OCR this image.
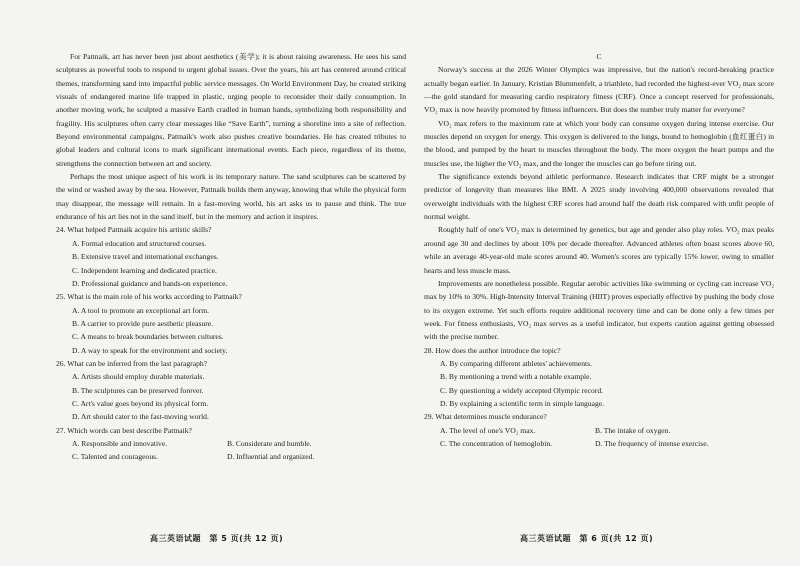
For Pattnaik, art has never been just about aesthetics (美学); it is about raising awareness. He sees his sand sculptures as powerful tools to respond to urgent global issues. Over the years, his art has centered around critical themes, transforming sand into impactful public service messages. On World Environment Day, he created striking visuals of endangered marine life trapped in plastic, urging people to reconsider their daily consumption. In another moving work, he sculpted a massive Earth cradled in human hands, symbolizing both responsibility and fragility. His sculptures often carry clear messages like “Save Earth”, turning a shoreline into a site of reflection. Beyond environmental campaigns, Pattnaik's work also pushes creative boundaries. He has created tributes to global leaders and cultural icons to mark significant international events. Each piece, regardless of its theme, strengthens the connection between art and society.

Perhaps the most unique aspect of his work is its temporary nature. The sand sculptures can be scattered by the wind or washed away by the sea. However, Pattnaik builds them anyway, knowing that while the physical form may disappear, the message will remain. In a fast-moving world, his art asks us to pause and think. The true endurance of his art lies not in the sand itself, but in the memory and action it inspires.

24. What helped Pattnaik acquire his artistic skills?

A. Formal education and structured courses.

B. Extensive travel and international exchanges.

C. Independent learning and dedicated practice.

D. Professional guidance and hands-on experience.

25. What is the main role of his works according to Pattnaik?

A. A tool to promote an exceptional art form.

B. A carrier to provide pure aesthetic pleasure.

C. A means to break boundaries between cultures.

D. A way to speak for the environment and society.

26. What can be inferred from the last paragraph?

A. Artists should employ durable materials.

B. The sculptures can be preserved forever.

C. Art's value goes beyond its physical form.

D. Art should cater to the fast-moving world.

27. Which words can best describe Pattnaik?

A. Responsible and innovative.	B. Considerate and humble.
C. Talented and courageous.	D. Influential and organized.

C

Norway's success at the 2026 Winter Olympics was impressive, but the nation's record-breaking practice actually began earlier. In January, Kristian Blummenfelt, a triathlete, had recorded the highest-ever VO₂ max score—the gold standard for measuring cardio respiratory fitness (CRF). Once a concept reserved for professionals, VO₂ max is now heavily promoted by fitness influencers. But does the number truly matter for everyone?

VO₂ max refers to the maximum rate at which your body can consume oxygen during intense exercise. Our muscles depend on oxygen for energy. This oxygen is delivered to the lungs, bound to hemoglobin (血红蛋白) in the blood, and pumped by the heart to muscles throughout the body. The more oxygen the heart pumps and the muscles use, the higher the VO₂ max, and the longer the muscles can go before tiring out.

The significance extends beyond athletic performance. Research indicates that CRF might be a stronger predictor of longevity than measures like BMI. A 2025 study involving 400,000 observations revealed that overweight individuals with the highest CRF scores had around half the death risk compared with unfit people of normal weight.

Roughly half of one's VO₂ max is determined by genetics, but age and gender also play roles. VO₂ max peaks around age 30 and declines by about 10% per decade thereafter. Advanced athletes often boast scores above 60, while an average 40-year-old male scores around 40. Women's scores are typically 15% lower, owing to smaller hearts and less muscle mass.

Improvements are nonetheless possible. Regular aerobic activities like swimming or cycling can increase VO₂ max by 10% to 30%. High-Intensity Interval Training (HIIT) proves especially effective by pushing the body close to its oxygen extreme. Yet such efforts require additional recovery time and can be done only a few times per week. For fitness enthusiasts, VO₂ max serves as a useful indicator, but experts caution against getting obsessed with the precise number.

28. How does the author introduce the topic?

A. By comparing different athletes' achievements.

B. By mentioning a trend with a notable example.

C. By questioning a widely accepted Olympic record.

D. By explaining a scientific term in simple language.

29. What determines muscle endurance?

A. The level of one's VO₂ max.	B. The intake of oxygen.
C. The concentration of hemoglobin.	D. The frequency of intense exercise.
高三英语试题　第 5 页(共 12 页)	高三英语试题　第 6 页(共 12 页)
